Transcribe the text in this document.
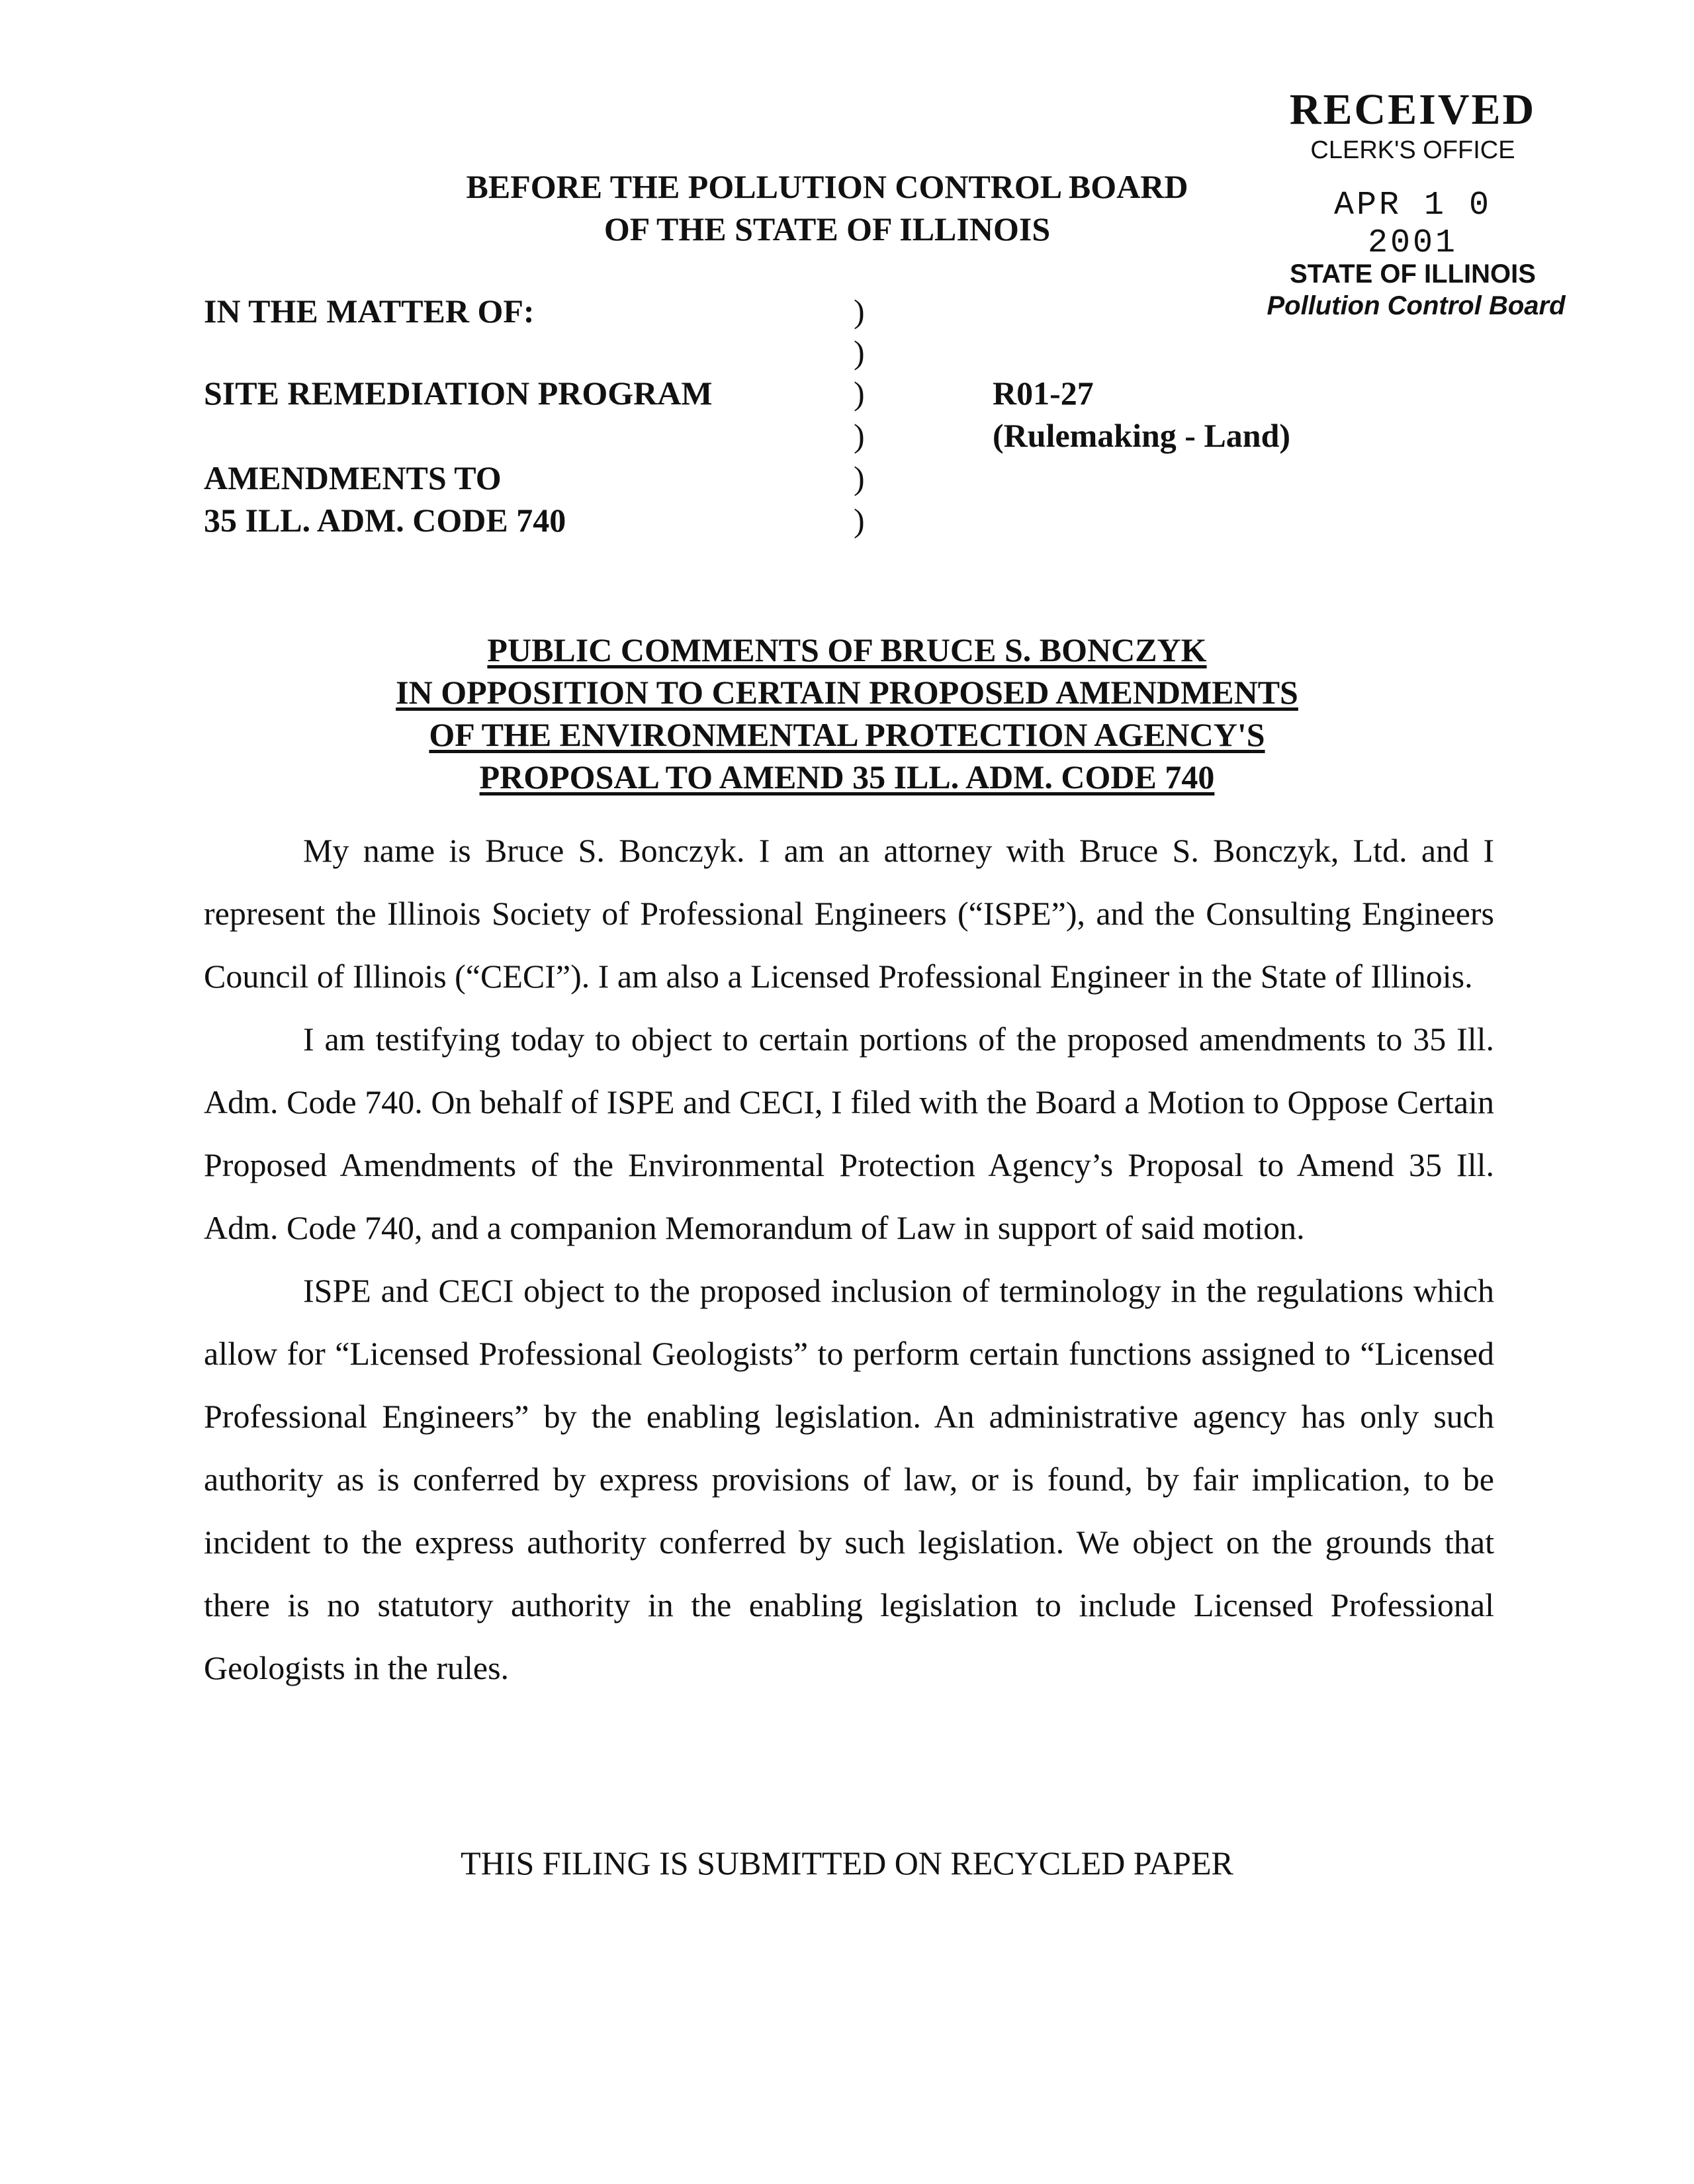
RECEIVED
CLERK'S OFFICE
APR 1 0 2001
STATE OF ILLINOIS
Pollution Control Board
BEFORE THE POLLUTION CONTROL BOARD
OF THE STATE OF ILLINOIS
IN THE MATTER OF:
SITE REMEDIATION PROGRAM
AMENDMENTS TO
35 ILL. ADM. CODE 740
)
)
)
)
)
)
R01-27
(Rulemaking - Land)
PUBLIC COMMENTS OF BRUCE S. BONCZYK
IN OPPOSITION TO CERTAIN PROPOSED AMENDMENTS
OF THE ENVIRONMENTAL PROTECTION AGENCY'S
PROPOSAL TO AMEND 35 ILL. ADM. CODE 740

My name is Bruce S. Bonczyk. I am an attorney with Bruce S. Bonczyk, Ltd. and I represent the Illinois Society of Professional Engineers (“ISPE”), and the Consulting Engineers Council of Illinois (“CECI”). I am also a Licensed Professional Engineer in the State of Illinois.

I am testifying today to object to certain portions of the proposed amendments to 35 Ill. Adm. Code 740. On behalf of ISPE and CECI, I filed with the Board a Motion to Oppose Certain Proposed Amendments of the Environmental Protection Agency’s Proposal to Amend 35 Ill. Adm. Code 740, and a companion Memorandum of Law in support of said motion.

ISPE and CECI object to the proposed inclusion of terminology in the regulations which allow for “Licensed Professional Geologists” to perform certain functions assigned to “Licensed Professional Engineers” by the enabling legislation. An administrative agency has only such authority as is conferred by express provisions of law, or is found, by fair implication, to be incident to the express authority conferred by such legislation. We object on the grounds that there is no statutory authority in the enabling legislation to include Licensed Professional Geologists in the rules.

THIS FILING IS SUBMITTED ON RECYCLED PAPER
